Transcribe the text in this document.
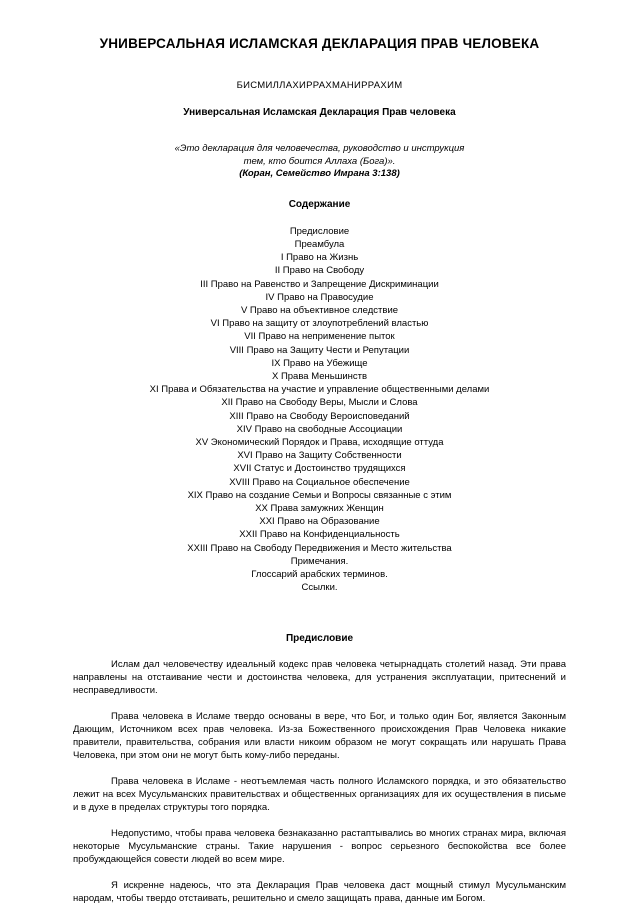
УНИВЕРСАЛЬНАЯ ИСЛАМСКАЯ ДЕКЛАРАЦИЯ ПРАВ ЧЕЛОВЕКА

БИСМИЛЛАХИРРАХМАНИРРАХИМ

Универсальная Исламская Декларация Прав человека

«Это декларация для человечества, руководство и инструкция

тем, кто боится Аллаха (Бога)».

(Коран, Семейство Имрана 3:138)

Содержание

Предисловие

Преамбула

I Право на Жизнь

II Право на Свободу

III Право на Равенство и Запрещение Дискриминации

IV Право на Правосудие

V Право на объективное следствие

VI Право на защиту от злоупотреблений властью

VII Право на неприменение пыток

VIII Право на Защиту Чести и Репутации

IX Право на Убежище

X Права Меньшинств

XI Права и Обязательства на участие и управление общественными делами

XII Право на Свободу Веры, Мысли и Слова

XIII Право на Свободу Вероисповеданий

XIV Право на свободные Ассоциации

XV Экономический Порядок и Права, исходящие оттуда

XVI Право на Защиту Собственности

XVII Статус и Достоинство трудящихся

XVIII Право на Социальное обеспечение

XIX Право на создание Семьи и Вопросы связанные с этим

XX Права замужних Женщин

XXI Право на Образование

XXII Право на Конфиденциальность

XXIII Право на Свободу Передвижения и Место жительства

Примечания.

Глоссарий арабских терминов.

Ссылки.

Предисловие

Ислам дал человечеству идеальный кодекс прав человека четырнадцать столетий назад. Эти права направлены на отстаивание чести и достоинства человека, для устранения эксплуатации, притеснений и несправедливости.

Права человека в Исламе твердо основаны в вере, что Бог, и только один Бог, является Законным Дающим, Источником всех прав человека. Из-за Божественного происхождения Прав Человека никакие правители, правительства, собрания или власти никоим образом не могут сокращать или нарушать Права Человека, при этом они не могут быть кому-либо переданы.

Права человека в Исламе - неотъемлемая часть полного Исламского порядка, и это обязательство лежит на всех Мусульманских правительствах и общественных организациях для их осуществления в письме и в духе в пределах структуры того порядка.

Недопустимо, чтобы права человека безнаказанно растаптывались во многих странах мира, включая некоторые Мусульманские страны. Такие нарушения - вопрос серьезного беспокойства все более пробуждающейся совести людей во всем мире.

Я искренне надеюсь, что эта Декларация Прав человека даст мощный стимул Мусульманским народам, чтобы твердо отстаивать, решительно и смело защищать права, данные им Богом.
